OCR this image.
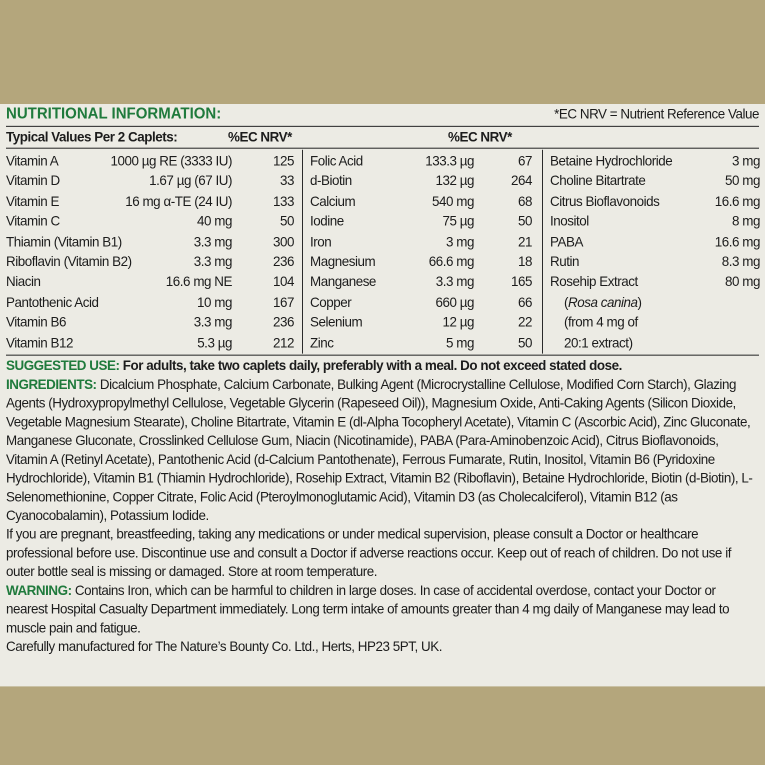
NUTRITIONAL INFORMATION:	*EC NRV = Nutrient Reference Value
Typical Values Per 2 Caplets:	%EC NRV*	%EC NRV*
Vitamin A	1000 µg RE (3333 IU)	125
Vitamin D	1.67 µg (67 IU)	33
Vitamin E	16 mg α-TE (24 IU)	133
Vitamin C	40 mg	50
Thiamin (Vitamin B1)	3.3 mg	300
Riboflavin (Vitamin B2)	3.3 mg	236
Niacin	16.6 mg NE	104
Pantothenic Acid	10 mg	167
Vitamin B6	3.3 mg	236
Vitamin B12	5.3 µg	212
Folic Acid	133.3 µg	67
d-Biotin	132 µg	264
Calcium	540 mg	68
Iodine	75 µg	50
Iron	3 mg	21
Magnesium	66.6 mg	18
Manganese	3.3 mg	165
Copper	660 µg	66
Selenium	12 µg	22
Zinc	5 mg	50
Betaine Hydrochloride	3 mg
Choline Bitartrate	50 mg
Citrus Bioflavonoids	16.6 mg
Inositol	8 mg
PABA	16.6 mg
Rutin	8.3 mg
Rosehip Extract	80 mg
(Rosa canina)
(from 4 mg of
20:1 extract)

SUGGESTED USE: For adults, take two caplets daily, preferably with a meal. Do not exceed stated dose.

INGREDIENTS: Dicalcium Phosphate, Calcium Carbonate, Bulking Agent (Microcrystalline Cellulose, Modified Corn Starch), Glazing Agents (Hydroxypropylmethyl Cellulose, Vegetable Glycerin (Rapeseed Oil)), Magnesium Oxide, Anti-Caking Agents (Silicon Dioxide, Vegetable Magnesium Stearate), Choline Bitartrate, Vitamin E (dl-Alpha Tocopheryl Acetate), Vitamin C (Ascorbic Acid), Zinc Gluconate, Manganese Gluconate, Crosslinked Cellulose Gum, Niacin (Nicotinamide), PABA (Para-Aminobenzoic Acid), Citrus Bioflavonoids, Vitamin A (Retinyl Acetate), Pantothenic Acid (d-Calcium Pantothenate), Ferrous Fumarate, Rutin, Inositol, Vitamin B6 (Pyridoxine Hydrochloride), Vitamin B1 (Thiamin Hydrochloride), Rosehip Extract, Vitamin B2 (Riboflavin), Betaine Hydrochloride, Biotin (d-Biotin), L-Selenomethionine, Copper Citrate, Folic Acid (Pteroylmonoglutamic Acid), Vitamin D3 (as Cholecalciferol), Vitamin B12 (as Cyanocobalamin), Potassium Iodide.

If you are pregnant, breastfeeding, taking any medications or under medical supervision, please consult a Doctor or healthcare professional before use. Discontinue use and consult a Doctor if adverse reactions occur. Keep out of reach of children. Do not use if outer bottle seal is missing or damaged. Store at room temperature.

WARNING: Contains Iron, which can be harmful to children in large doses. In case of accidental overdose, contact your Doctor or nearest Hospital Casualty Department immediately. Long term intake of amounts greater than 4 mg daily of Manganese may lead to muscle pain and fatigue.

Carefully manufactured for The Nature’s Bounty Co. Ltd., Herts, HP23 5PT, UK.
